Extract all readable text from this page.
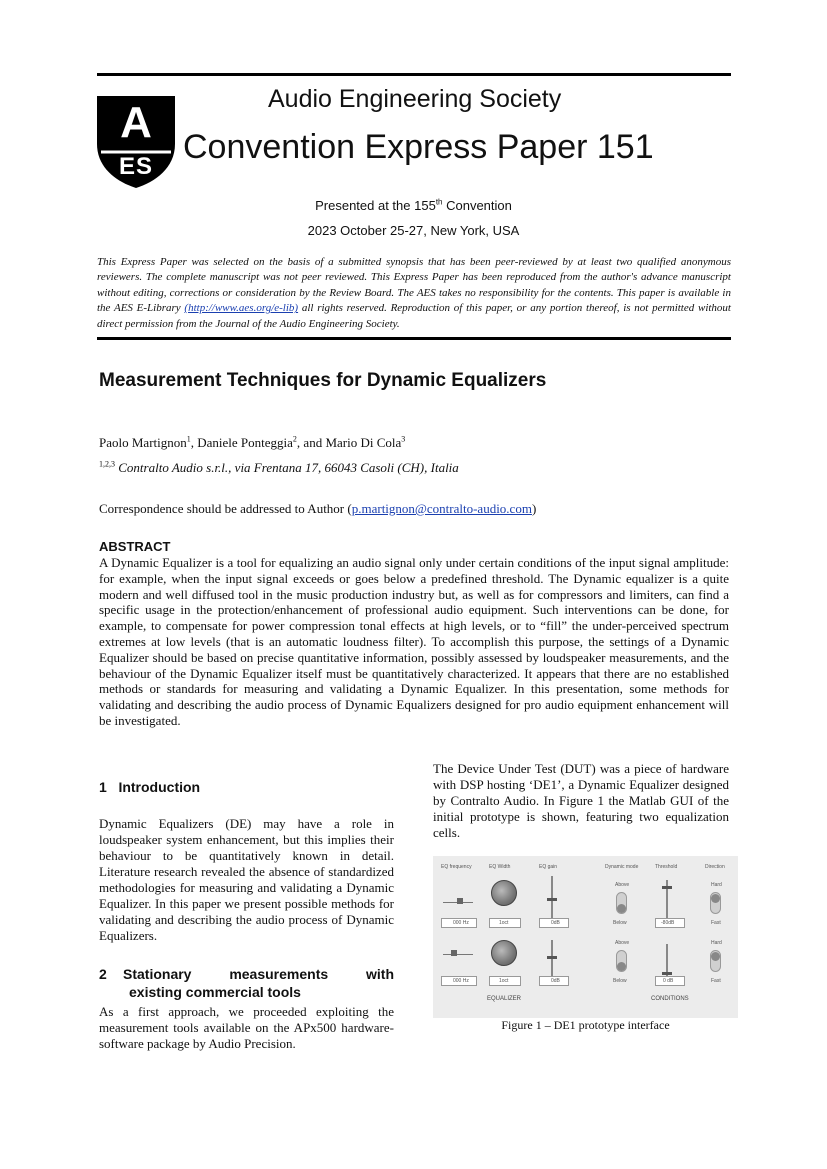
A
ES
Audio Engineering Society
Convention Express Paper 151
Presented at the 155th Convention
2023 October 25-27, New York, USA
This Express Paper was selected on the basis of a submitted synopsis that has been peer-reviewed by at least two qualified anonymous reviewers. The complete manuscript was not peer reviewed. This Express Paper has been reproduced from the author's advance manuscript without editing, corrections or consideration by the Review Board. The AES takes no responsibility for the contents. This paper is available in the AES E-Library (http://www.aes.org/e-lib) all rights reserved. Reproduction of this paper, or any portion thereof, is not permitted without direct permission from the Journal of the Audio Engineering Society.
Measurement Techniques for Dynamic Equalizers
Paolo Martignon$^1$, Daniele Ponteggia$^2$, and Mario Di Cola$^3$
$^{1,2,3}$ Contralto Audio s.r.l., via Frentana 17, 66043 Casoli (CH), Italia
Correspondence should be addressed to Author (p.martignon@contralto-audio.com)
ABSTRACT
A Dynamic Equalizer is a tool for equalizing an audio signal only under certain conditions of the input signal amplitude: for example, when the input signal exceeds or goes below a predefined threshold. The Dynamic equalizer is a quite modern and well diffused tool in the music production industry but, as well as for compressors and limiters, can find a specific usage in the protection/enhancement of professional audio equipment. Such interventions can be done, for example, to compensate for power compression tonal effects at high levels, or to “fill” the under-perceived spectrum extremes at low levels (that is an automatic loudness filter). To accomplish this purpose, the settings of a Dynamic Equalizer should be based on precise quantitative information, possibly assessed by loudspeaker measurements, and the behaviour of the Dynamic Equalizer itself must be quantitatively characterized. It appears that there are no established methods or standards for measuring and validating a Dynamic Equalizer. In this presentation, some methods for validating and describing the audio process of Dynamic Equalizers designed for pro audio equipment enhancement will be investigated.
1   Introduction
Dynamic Equalizers (DE) may have a role in loudspeaker system enhancement, but this implies their behaviour to be quantitatively known in detail. Literature research revealed the absence of standardized methodologies for measuring and validating a Dynamic Equalizer. In this paper we present possible methods for validating and describing the audio process of Dynamic Equalizers.
2   Stationary       measurements       with
existing commercial tools
As a first approach, we proceeded exploiting the measurement tools available on the APx500 hardware-software package by Audio Precision.
The Device Under Test (DUT) was a piece of hardware with DSP hosting ‘DE1’, a Dynamic Equalizer designed by Contralto Audio. In Figure 1 the Matlab GUI of the initial prototype is shown, featuring two equalization cells.
EQ frequency	EQ Width	EQ gain	Dynamic mode	Threshold	Direction
000 Hz	1oct	0dB
Above
Below	-80dB
Hard
Fast
000 Hz	1oct	0dB
Above
Below	0 dB
Hard
Fast
EQUALIZER	CONDITIONS
Figure 1 – DE1 prototype interface
